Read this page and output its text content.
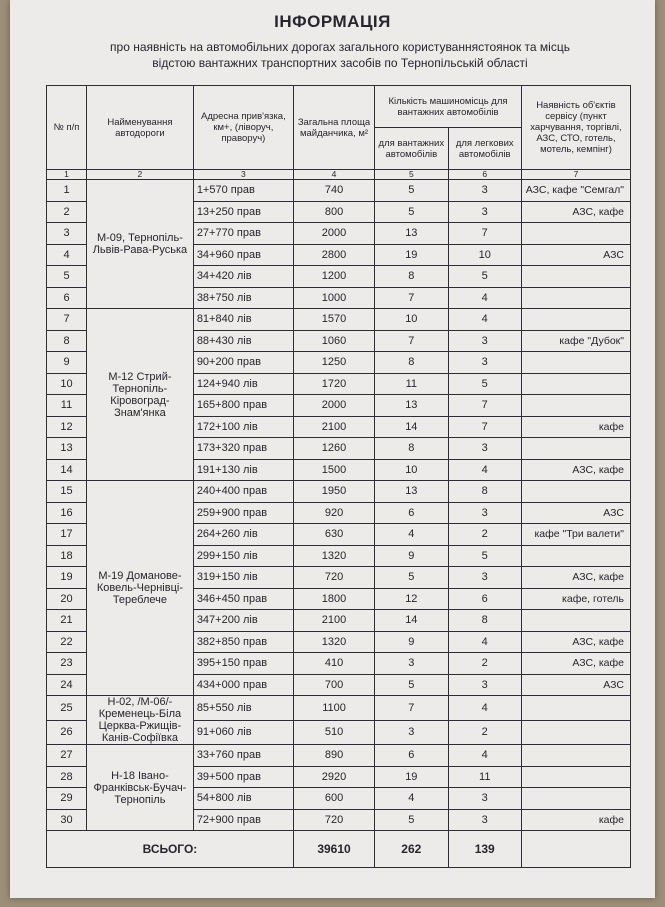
ІНФОРМАЦІЯ
про наявність на автомобільних дорогах загального користуваннястоянок та місць
відстою вантажних транспортних засобів по Тернопільській області
№ п/п	Найменування автодороги	Адресна прив'язка, км+, (ліворуч, праворуч)	Загальна площа майданчика, м²	Кількість машиномісць для вантажних автомобілів		Наявність об'єктів сервісу (пункт харчування, торгівлі, АЗС, СТО, готель, мотель, кемпінг)
				для вантажних автомобілів	для легкових автомобілів	
1	2	3	4	5	6	7
1	М-09, Тернопіль-Львів-Рава-Руська	1+570 прав	740	5	3	АЗС, кафе "Семгал"
2		13+250 прав	800	5	3	АЗС, кафе
3		27+770 прав	2000	13	7	
4		34+960 прав	2800	19	10	АЗС
5		34+420 лів	1200	8	5	
6		38+750 лів	1000	7	4	
7	М-12 Стрий-Тернопіль-Кіровоград-Знам'янка	81+840 лів	1570	10	4	
8		88+430 лів	1060	7	3	кафе "Дубок"
9		90+200 прав	1250	8	3	
10		124+940 лів	1720	11	5	
11		165+800 прав	2000	13	7	
12		172+100 лів	2100	14	7	кафе
13		173+320 прав	1260	8	3	
14		191+130 лів	1500	10	4	АЗС, кафе
15	М-19 Доманове-Ковель-Чернівці-Тереблече	240+400 прав	1950	13	8	
16		259+900 прав	920	6	3	АЗС
17		264+260 лів	630	4	2	кафе "Три валети"
18		299+150 лів	1320	9	5	
19		319+150 лів	720	5	3	АЗС, кафе
20		346+450 прав	1800	12	6	кафе, готель
21		347+200 лів	2100	14	8	
22		382+850 прав	1320	9	4	АЗС, кафе
23		395+150 прав	410	3	2	АЗС, кафе
24		434+000 прав	700	5	3	АЗС
25	Н-02, /М-06/-Кременець-Біла Церква-Ржищів-Канів-Софіївка	85+550 лів	1100	7	4	
26		91+060 лів	510	3	2	
27	Н-18 Івано-Франківськ-Бучач-Тернопіль	33+760 прав	890	6	4	
28		39+500 прав	2920	19	11	
29		54+800 лів	600	4	3	
30		72+900 прав	720	5	3	кафе
ВСЬОГО:			39610	262	139	
